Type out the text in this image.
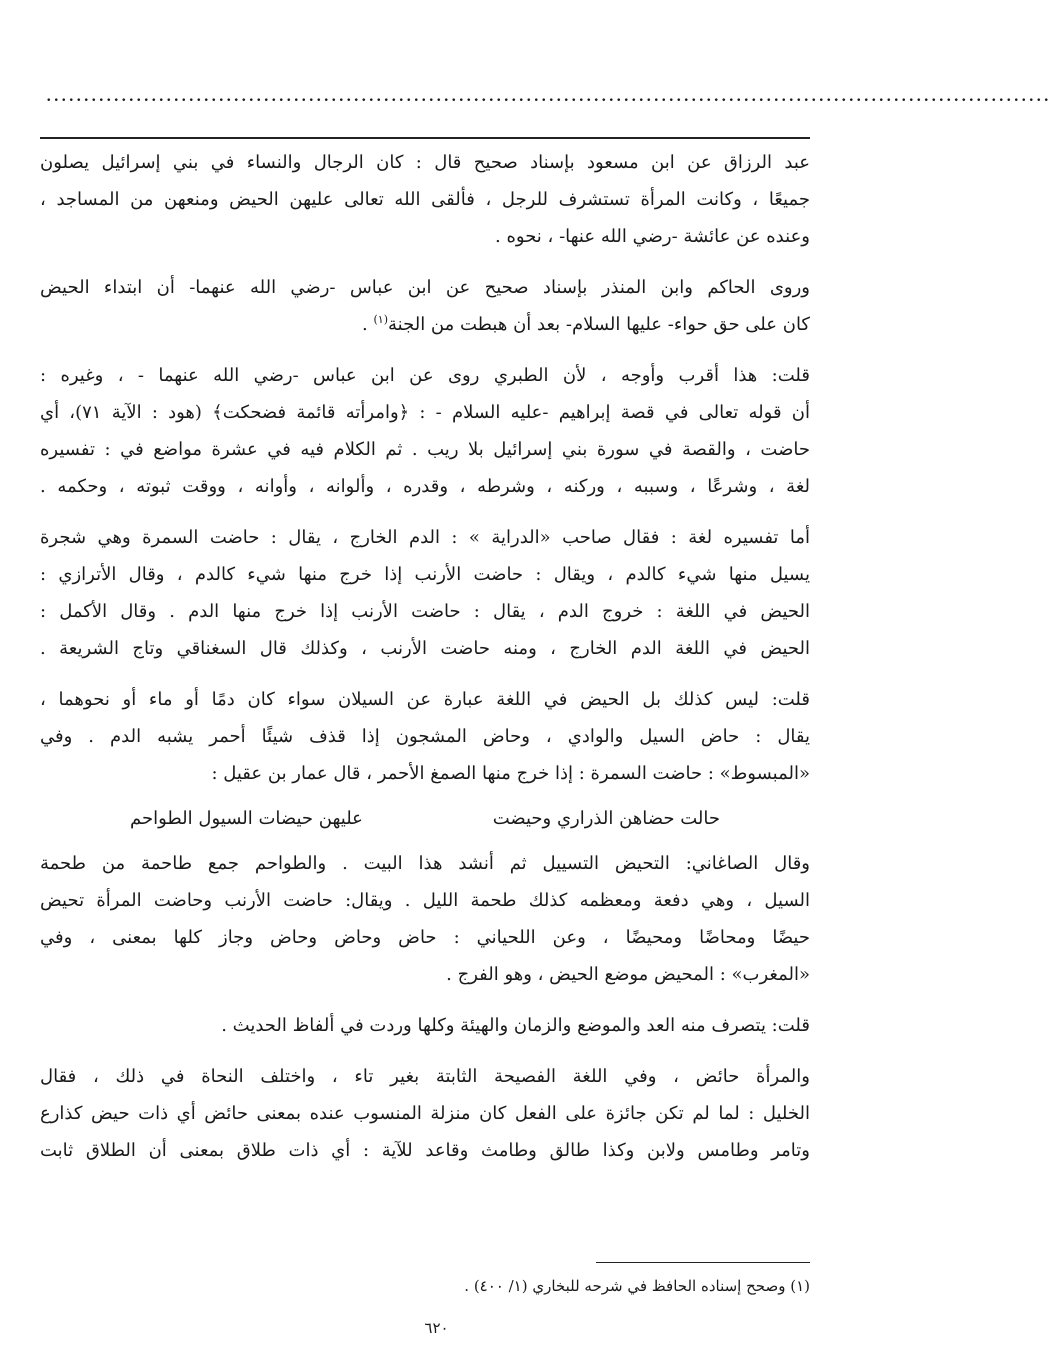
......................................................................................................................................

عبد الرزاق عن ابن مسعود بإسناد صحيح قال : كان الرجال والنساء في بني إسرائيل يصلون
جميعًا ، وكانت المرأة تستشرف للرجل ، فألقى الله تعالى عليهن الحيض ومنعهن من المساجد ،
وعنده عن عائشة -رضي الله عنها- ، نحوه .

وروى الحاكم وابن المنذر بإسناد صحيح عن ابن عباس -رضي الله عنهما- أن ابتداء الحيض
كان على حق حواء- عليها السلام- بعد أن هبطت من الجنة$^{(١)}$ .

قلت: هذا أقرب وأوجه ، لأن الطبري روى عن ابن عباس -رضي الله عنهما - ، وغيره :
أن قوله تعالى في قصة إبراهيم -عليه السلام - : ﴿وامرأته قائمة فضحكت﴾ (هود : الآية ٧١)، أي
حاضت ، والقصة في سورة بني إسرائيل بلا ريب . ثم الكلام فيه في عشرة مواضع في : تفسيره
لغة ، وشرعًا ، وسببه ، وركنه ، وشرطه ، وقدره ، وألوانه ، وأوانه ، ووقت ثبوته ، وحكمه .

أما تفسيره لغة : فقال صاحب «الدراية » : الدم الخارج ، يقال : حاضت السمرة وهي شجرة
يسيل منها شيء كالدم ، ويقال : حاضت الأرنب إذا خرج منها شيء كالدم ، وقال الأترازي :
الحيض في اللغة : خروج الدم ، يقال : حاضت الأرنب إذا خرج منها الدم . وقال الأكمل :
الحيض في اللغة الدم الخارج ، ومنه حاضت الأرنب ، وكذلك قال السغناقي وتاج الشريعة .

قلت: ليس كذلك بل الحيض في اللغة عبارة عن السيلان سواء كان دمًا أو ماء أو نحوهما ،
يقال : حاض السيل والوادي ، وحاض المشجون إذا قذف شيئًا أحمر يشبه الدم . وفي
«المبسوط» : حاضت السمرة : إذا خرج منها الصمغ الأحمر ، قال عمار بن عقيل :

حالت حضاهن الذراري وحيضت
عليهن حيضات السيول الطواحم

وقال الصاغاني: التحيض التسييل ثم أنشد هذا البيت . والطواحم جمع طاحمة من طحمة
السيل ، وهي دفعة ومعظمه كذلك طحمة الليل . ويقال: حاضت الأرنب وحاضت المرأة تحيض
حيضًا ومحاضًا ومحيضًا ، وعن اللحياني : حاض وحاض وحاض وجاز كلها بمعنى ، وفي
«المغرب» : المحيض موضع الحيض ، وهو الفرج .

قلت: يتصرف منه العد والموضع والزمان والهيئة وكلها وردت في ألفاظ الحديث .

والمرأة حائض ، وفي اللغة الفصيحة الثابتة بغير تاء ، واختلف النحاة في ذلك ، فقال
الخليل : لما لم تكن جائزة على الفعل كان منزلة المنسوب عنده بمعنى حائض أي ذات حيض كذارع
وتامر وطامس ولابن وكذا طالق وطامث وقاعد للآية : أي ذات طلاق بمعنى أن الطلاق ثابت

(١) وصحح إسناده الحافظ في شرحه للبخاري (١/ ٤٠٠) .
٦٢٠
